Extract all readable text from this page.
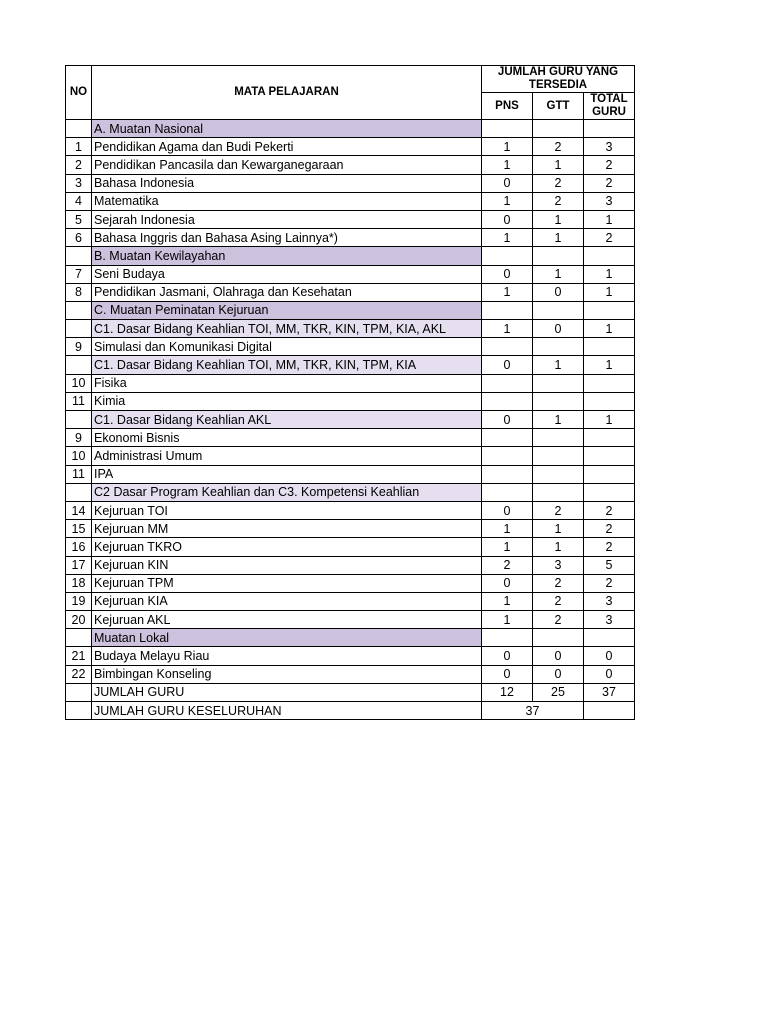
NO	MATA PELAJARAN	JUMLAH GURU YANG TERSEDIA		
		PNS	GTT	TOTAL GURU
	A. Muatan Nasional			
1	Pendidikan Agama dan Budi Pekerti	1	2	3
2	Pendidikan Pancasila dan Kewarganegaraan	1	1	2
3	Bahasa Indonesia	0	2	2
4	Matematika	1	2	3
5	Sejarah Indonesia	0	1	1
6	Bahasa Inggris dan Bahasa Asing Lainnya*)	1	1	2
	B. Muatan Kewilayahan			
7	Seni Budaya	0	1	1
8	Pendidikan Jasmani, Olahraga dan Kesehatan	1	0	1
	C. Muatan Peminatan Kejuruan			
	C1. Dasar Bidang Keahlian TOI, MM, TKR, KIN, TPM, KIA, AKL	1	0	1
9	Simulasi dan Komunikasi Digital			
	C1. Dasar Bidang Keahlian TOI, MM, TKR, KIN, TPM, KIA	0	1	1
10	Fisika			
11	Kimia			
	C1. Dasar Bidang Keahlian AKL	0	1	1
9	Ekonomi Bisnis			
10	Administrasi Umum			
11	IPA			
	C2 Dasar Program Keahlian dan C3. Kompetensi Keahlian			
14	Kejuruan TOI	0	2	2
15	Kejuruan MM	1	1	2
16	Kejuruan TKRO	1	1	2
17	Kejuruan KIN	2	3	5
18	Kejuruan TPM	0	2	2
19	Kejuruan KIA	1	2	3
20	Kejuruan AKL	1	2	3
	Muatan Lokal			
21	Budaya Melayu Riau	0	0	0
22	Bimbingan Konseling	0	0	0
	JUMLAH GURU	12	25	37
	JUMLAH GURU KESELURUHAN	37		
